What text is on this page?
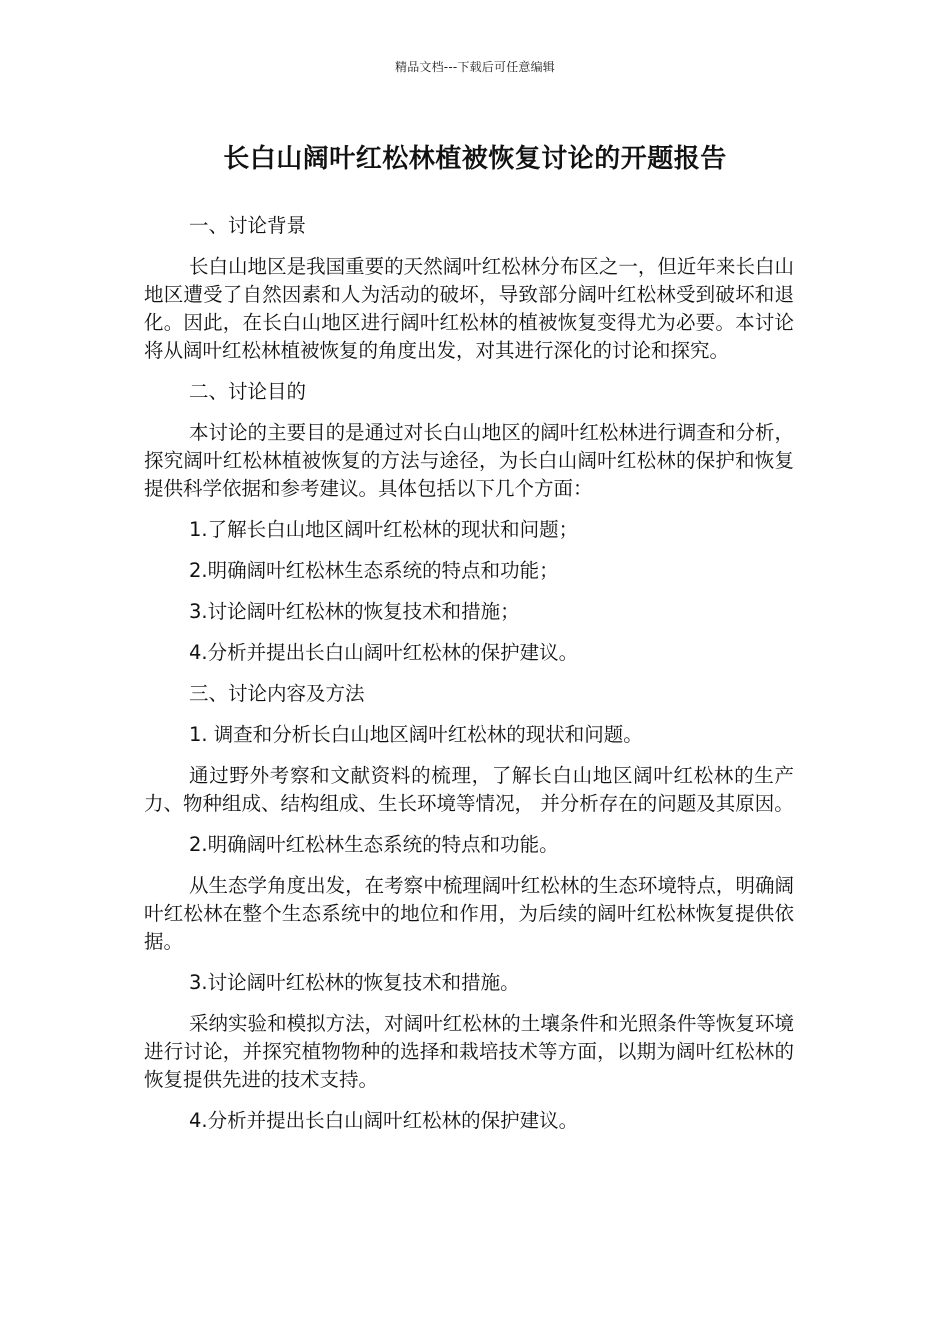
精品文档---下载后可任意编辑
长白山阔叶红松林植被恢复讨论的开题报告

一、讨论背景

长白山地区是我国重要的天然阔叶红松林分布区之一，但近年来长白山地区遭受了自然因素和人为活动的破坏，导致部分阔叶红松林受到破坏和退化。因此，在长白山地区进行阔叶红松林的植被恢复变得尤为必要。本讨论将从阔叶红松林植被恢复的角度出发，对其进行深化的讨论和探究。

二、讨论目的

本讨论的主要目的是通过对长白山地区的阔叶红松林进行调查和分析，探究阔叶红松林植被恢复的方法与途径，为长白山阔叶红松林的保护和恢复提供科学依据和参考建议。具体包括以下几个方面：

1.了解长白山地区阔叶红松林的现状和问题；

2.明确阔叶红松林生态系统的特点和功能；

3.讨论阔叶红松林的恢复技术和措施；

4.分析并提出长白山阔叶红松林的保护建议。

三、讨论内容及方法

1. 调查和分析长白山地区阔叶红松林的现状和问题。

通过野外考察和文献资料的梳理，了解长白山地区阔叶红松林的生产力、物种组成、结构组成、生长环境等情况， 并分析存在的问题及其原因。

2.明确阔叶红松林生态系统的特点和功能。

从生态学角度出发，在考察中梳理阔叶红松林的生态环境特点，明确阔叶红松林在整个生态系统中的地位和作用，为后续的阔叶红松林恢复提供依据。

3.讨论阔叶红松林的恢复技术和措施。

采纳实验和模拟方法，对阔叶红松林的土壤条件和光照条件等恢复环境进行讨论，并探究植物物种的选择和栽培技术等方面，以期为阔叶红松林的恢复提供先进的技术支持。

4.分析并提出长白山阔叶红松林的保护建议。
